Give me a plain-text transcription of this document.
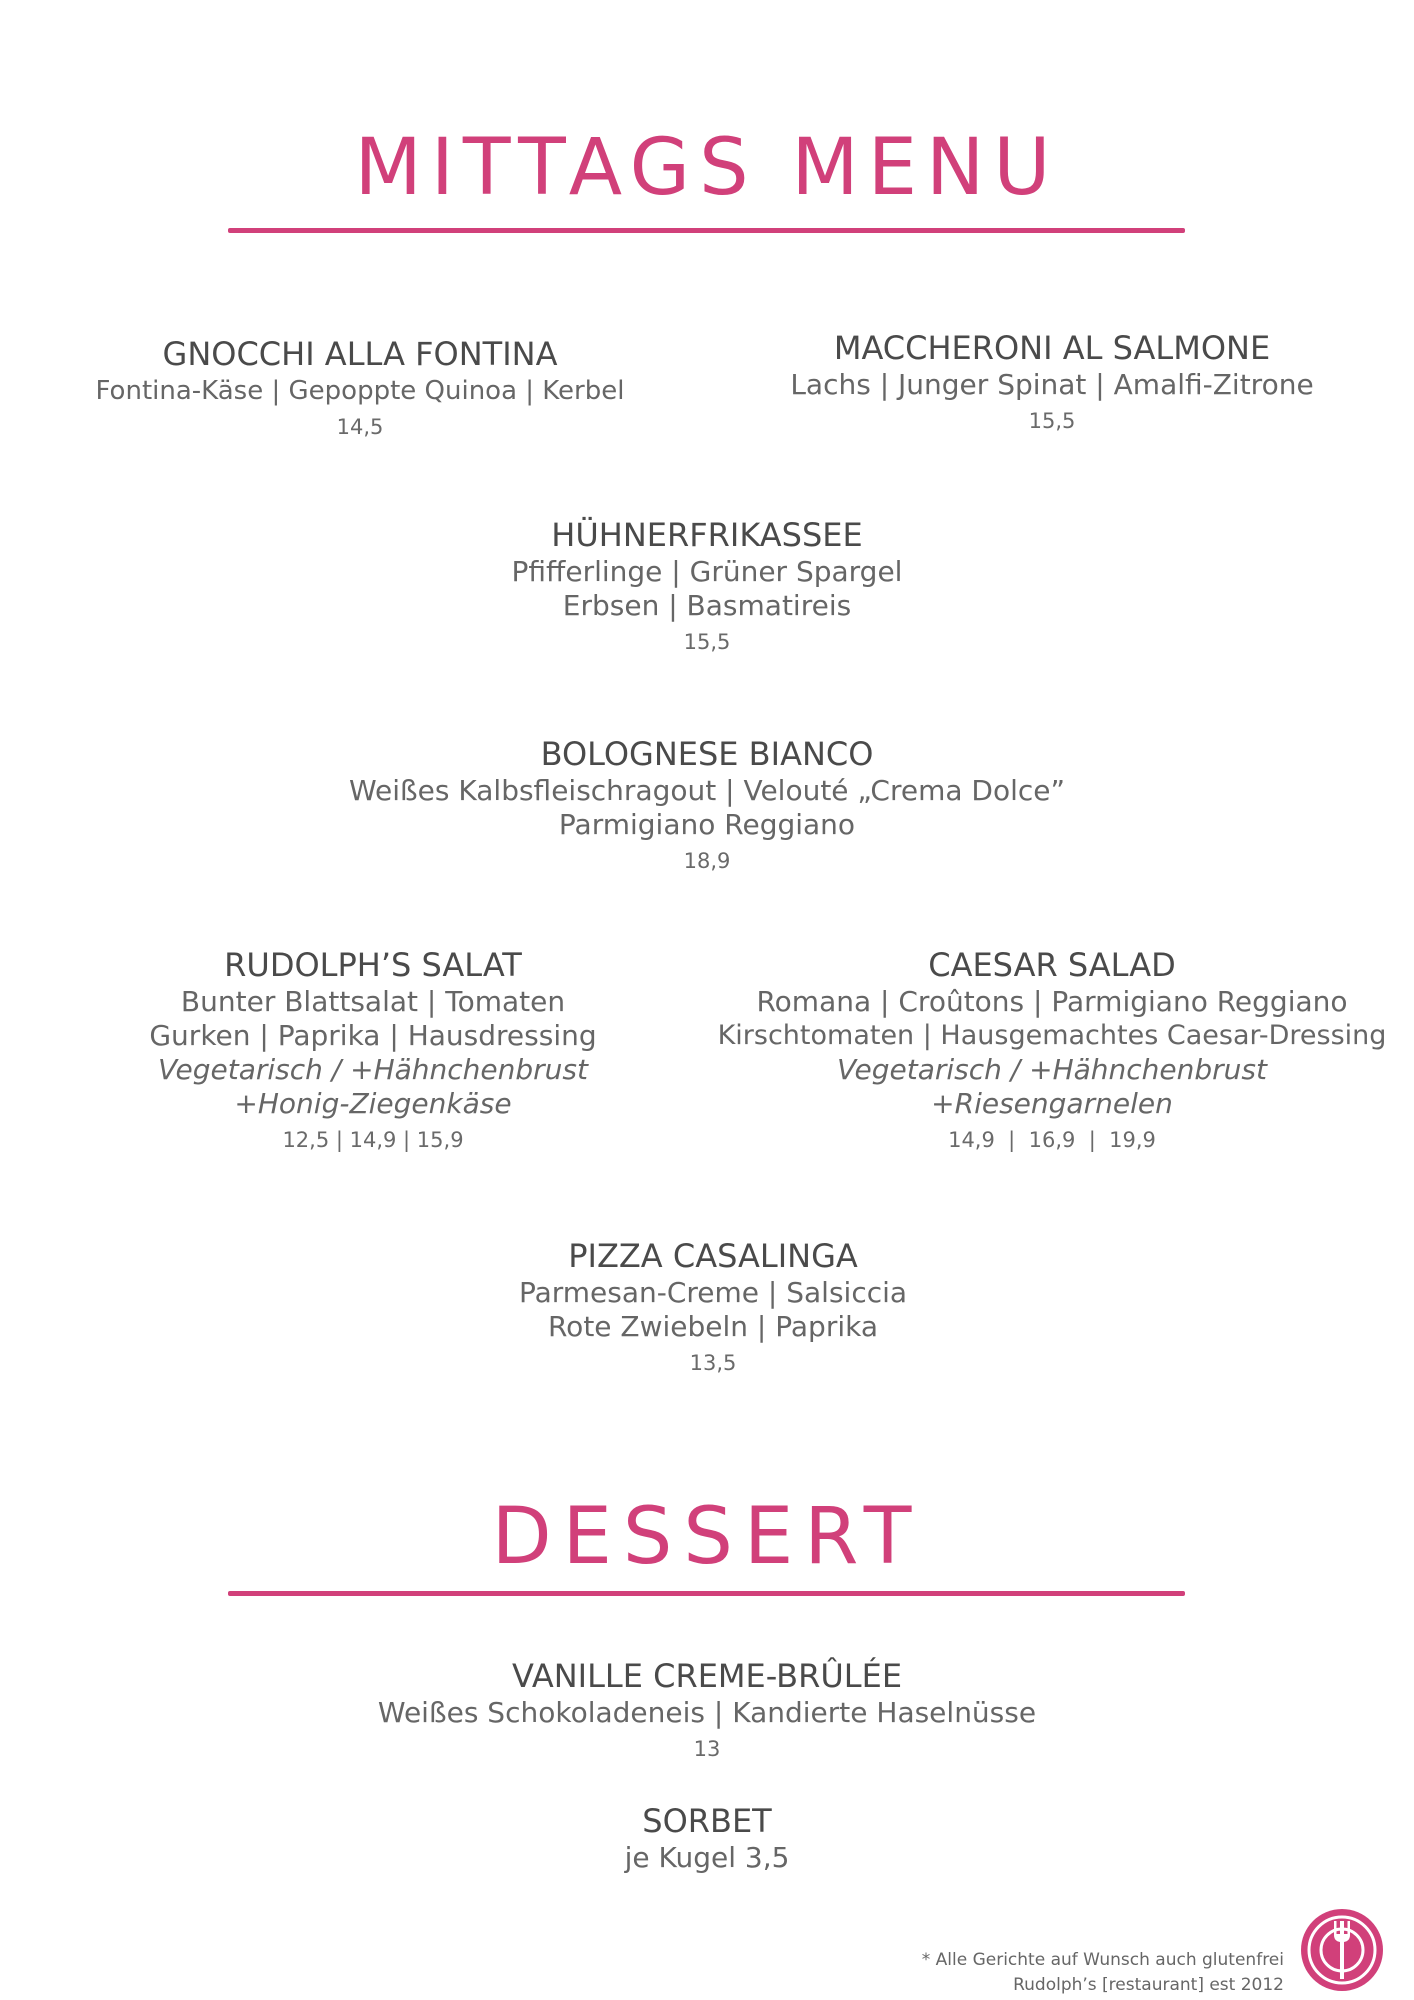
MITTAGS MENU
GNOCCHI ALLA FONTINA
Fontina-Käse | Gepoppte Quinoa | Kerbel
14,5
MACCHERONI AL SALMONE
Lachs | Junger Spinat | Amalfi-Zitrone
15,5
HÜHNERFRIKASSEE
Pfifferlinge | Grüner Spargel
Erbsen | Basmatireis
15,5
BOLOGNESE BIANCO
Weißes Kalbsfleischragout | Velouté „Crema Dolce”
Parmigiano Reggiano
18,9
RUDOLPH’S SALAT
Bunter Blattsalat | Tomaten
Gurken | Paprika | Hausdressing
Vegetarisch / +Hähnchenbrust
+Honig-Ziegenkäse
12,5 | 14,9 | 15,9
CAESAR SALAD
Romana | Croûtons | Parmigiano Reggiano
Kirschtomaten | Hausgemachtes Caesar-Dressing
Vegetarisch / +Hähnchenbrust
+Riesengarnelen
14,9  |  16,9  |  19,9
PIZZA CASALINGA
Parmesan-Creme | Salsiccia
Rote Zwiebeln | Paprika
13,5
DESSERT
VANILLE CREME-BRÛLÉE
Weißes Schokoladeneis | Kandierte Haselnüsse
13
SORBET
je Kugel 3,5
* Alle Gerichte auf Wunsch auch glutenfrei
Rudolph’s [restaurant] est 2012
